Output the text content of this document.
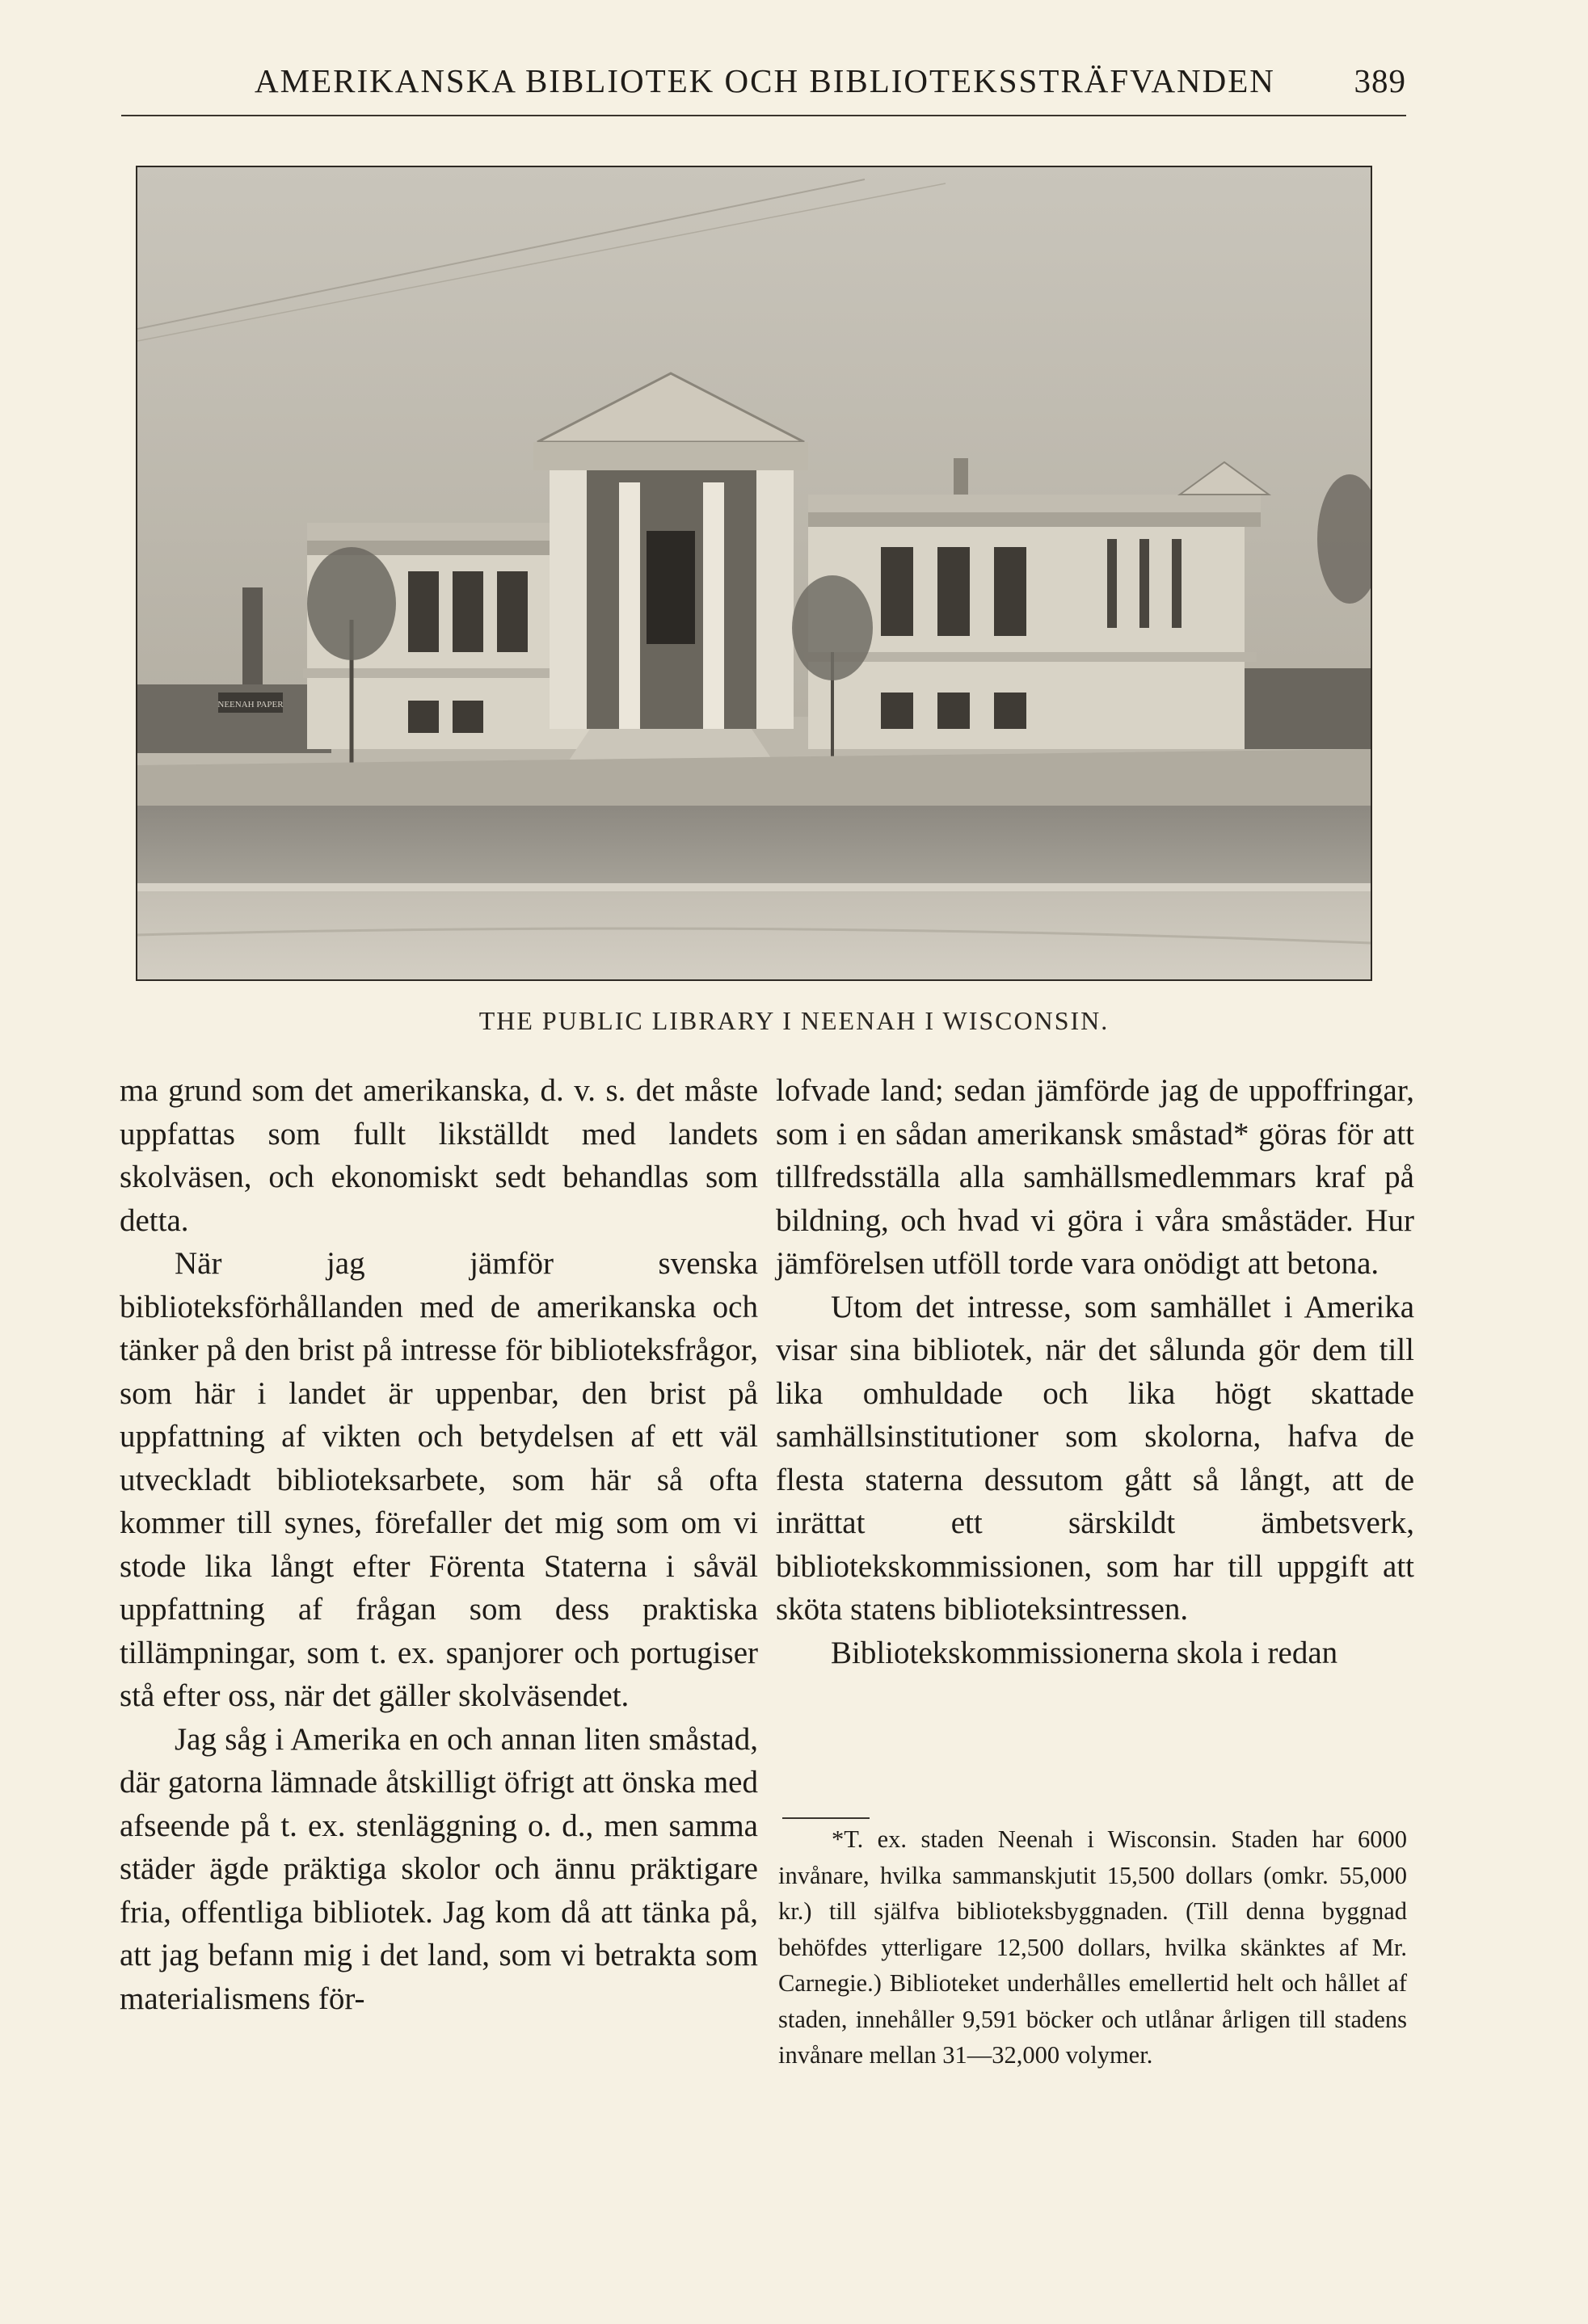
AMERIKANSKA BIBLIOTEK OCH BIBLIOTEKSSTRÄFVANDEN 389
NEENAH PAPER
THE PUBLIC LIBRARY I NEENAH I WISCONSIN.

ma grund som det amerikanska, d. v. s. det måste uppfattas som fullt likställdt med landets skolväsen, och ekonomiskt sedt behandlas som detta.

När jag jämför svenska biblioteksförhållanden med de amerikanska och tänker på den brist på intresse för biblioteksfrågor, som här i landet är uppenbar, den brist på uppfattning af vikten och betydelsen af ett väl utveckladt biblioteksarbete, som här så ofta kommer till synes, förefaller det mig som om vi stode lika långt efter Förenta Staterna i såväl uppfattning af frågan som dess praktiska tillämpningar, som t. ex. spanjorer och portugiser stå efter oss, när det gäller skolväsendet.

Jag såg i Amerika en och annan liten småstad, där gatorna lämnade åtskilligt öfrigt att önska med afseende på t. ex. stenläggning o. d., men samma städer ägde präktiga skolor och ännu präktigare fria, offentliga bibliotek. Jag kom då att tänka på, att jag befann mig i det land, som vi betrakta som materialismens för-

lofvade land; sedan jämförde jag de uppoffringar, som i en sådan amerikansk småstad* göras för att tillfredsställa alla samhällsmedlemmars kraf på bildning, och hvad vi göra i våra småstäder. Hur jämförelsen utföll torde vara onödigt att betona.

Utom det intresse, som samhället i Amerika visar sina bibliotek, när det sålunda gör dem till lika omhuldade och lika högt skattade samhällsinstitutioner som skolorna, hafva de flesta staterna dessutom gått så långt, att de inrättat ett särskildt ämbetsverk, bibliotekskommissionen, som har till uppgift att sköta statens biblioteksintressen.

Bibliotekskommissionerna skola i redan

*T. ex. staden Neenah i Wisconsin. Staden har 6000 invånare, hvilka sammanskjutit 15,500 dollars (omkr. 55,000 kr.) till själfva biblioteksbyggnaden. (Till denna byggnad behöfdes ytterligare 12,500 dollars, hvilka skänktes af Mr. Carnegie.) Biblioteket underhålles emellertid helt och hållet af staden, innehåller 9,591 böcker och utlånar årligen till stadens invånare mellan 31—32,000 volymer.
